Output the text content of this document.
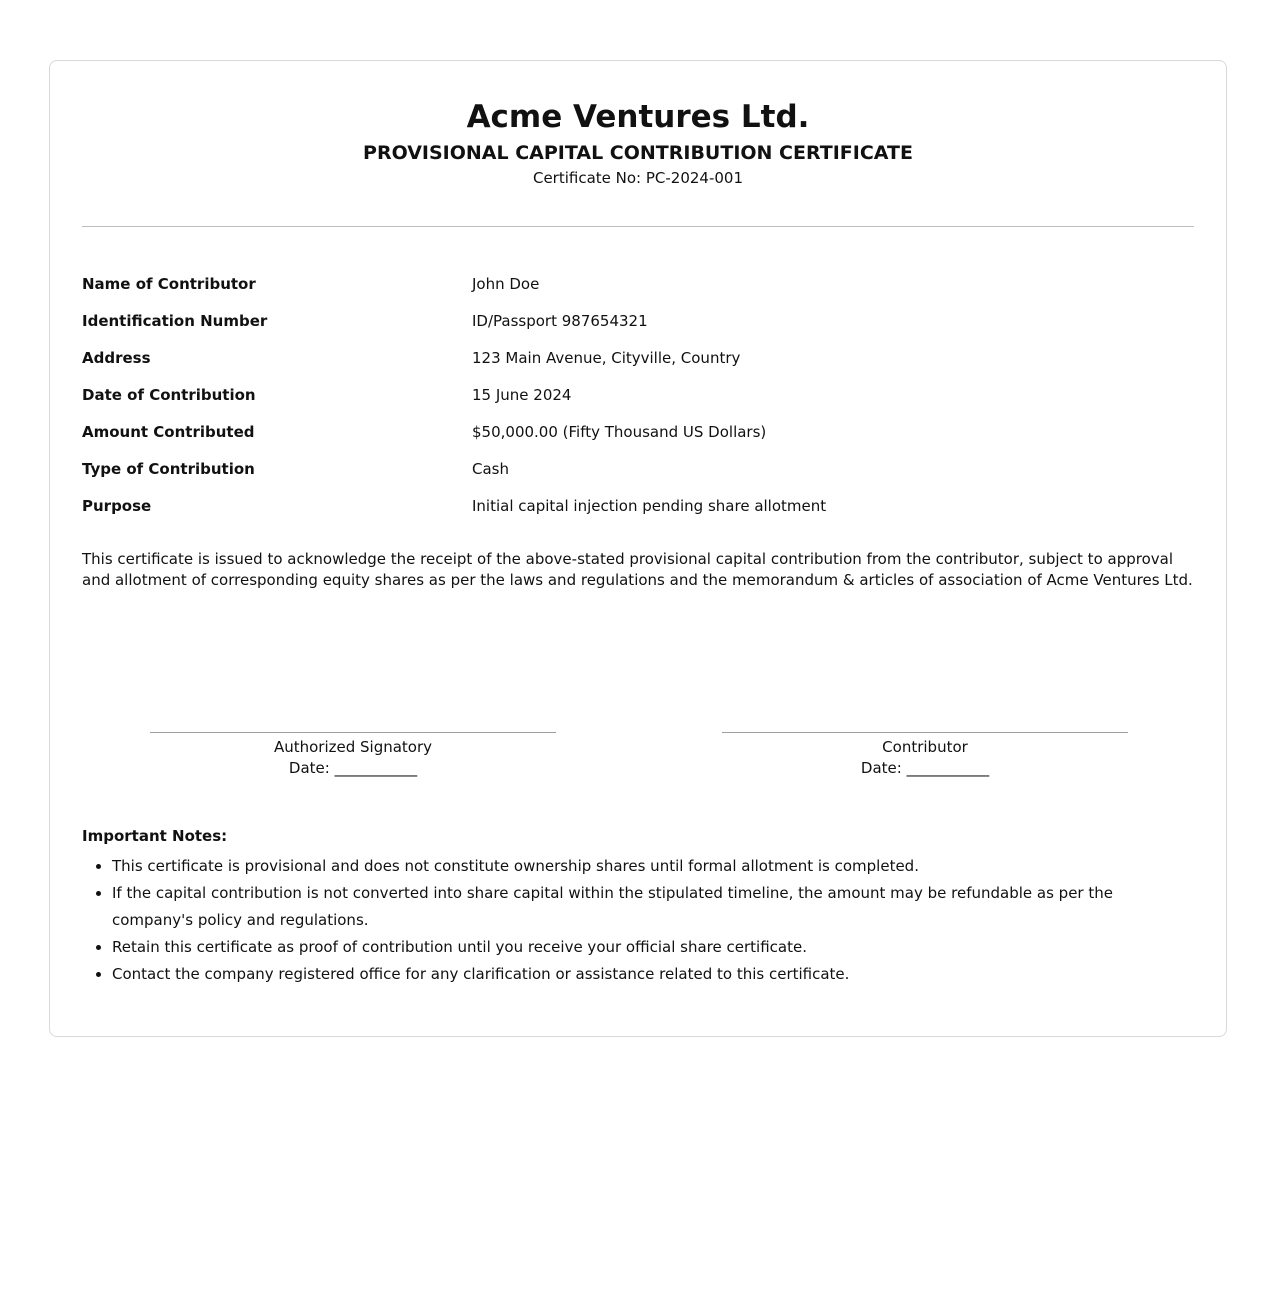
Acme Ventures Ltd.
PROVISIONAL CAPITAL CONTRIBUTION CERTIFICATE
Certificate No: PC-2024-001
Name of Contributor	John Doe
Identification Number	ID/Passport 987654321
Address	123 Main Avenue, Cityville, Country
Date of Contribution	15 June 2024
Amount Contributed	$50,000.00 (Fifty Thousand US Dollars)
Type of Contribution	Cash
Purpose	Initial capital injection pending share allotment
This certificate is issued to acknowledge the receipt of the above-stated provisional capital contribution from the contributor, subject to approval and allotment of corresponding equity shares as per the laws and regulations and the memorandum & articles of association of Acme Ventures Ltd.
Authorized Signatory
Date: ___________
Contributor
Date: ___________
Important Notes:
• This certificate is provisional and does not constitute ownership shares until formal allotment is completed.
• If the capital contribution is not converted into share capital within the stipulated timeline, the amount may be refundable as per the company's policy and regulations.
• Retain this certificate as proof of contribution until you receive your official share certificate.
• Contact the company registered office for any clarification or assistance related to this certificate.
